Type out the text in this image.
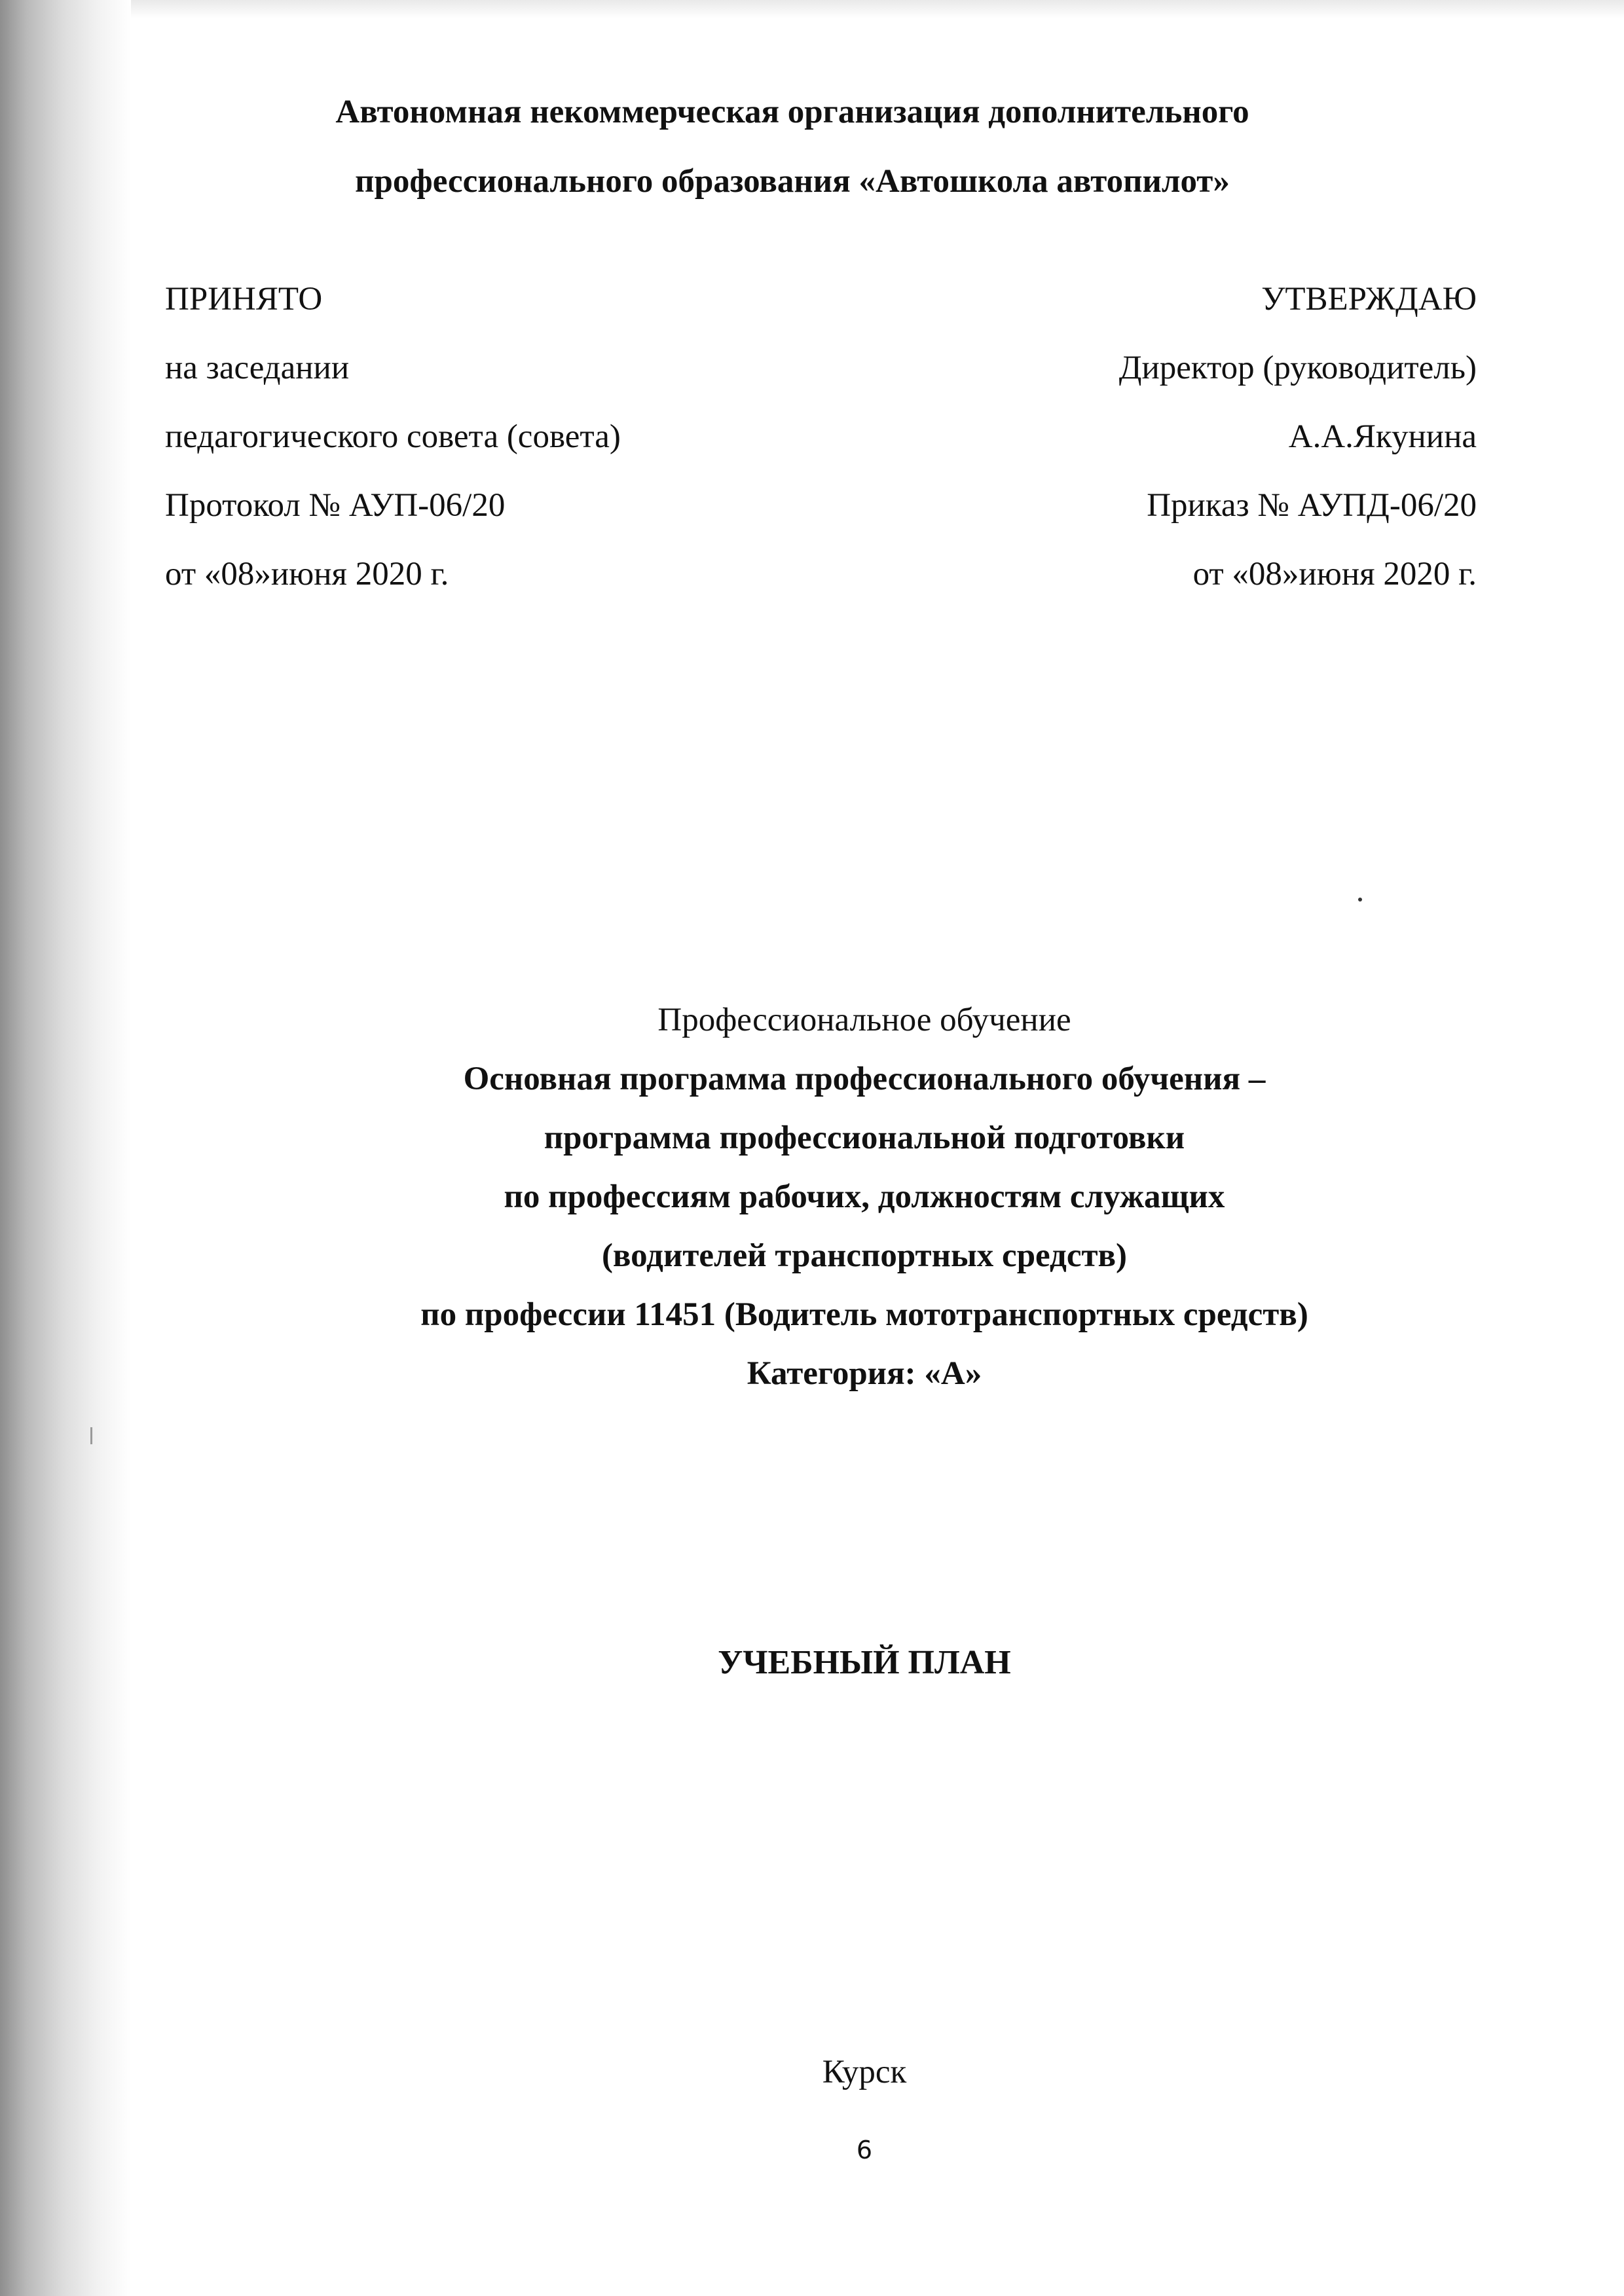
Автономная некоммерческая организация дополнительного
профессионального образования «Автошкола автопилот»
ПРИНЯТО
на заседании
педагогического совета (совета)
Протокол № АУП-06/20
от «08»июня 2020 г.
УТВЕРЖДАЮ
Директор (руководитель)
А.А.Якунина
Приказ № АУПД-06/20
от «08»июня 2020 г.
Профессиональное обучение
Основная программа профессионального обучения –
программа профессиональной подготовки
по профессиям рабочих, должностям служащих
(водителей транспортных средств)
по профессии 11451 (Водитель мототранспортных средств)
Категория: «А»
УЧЕБНЫЙ ПЛАН
Курск
6
